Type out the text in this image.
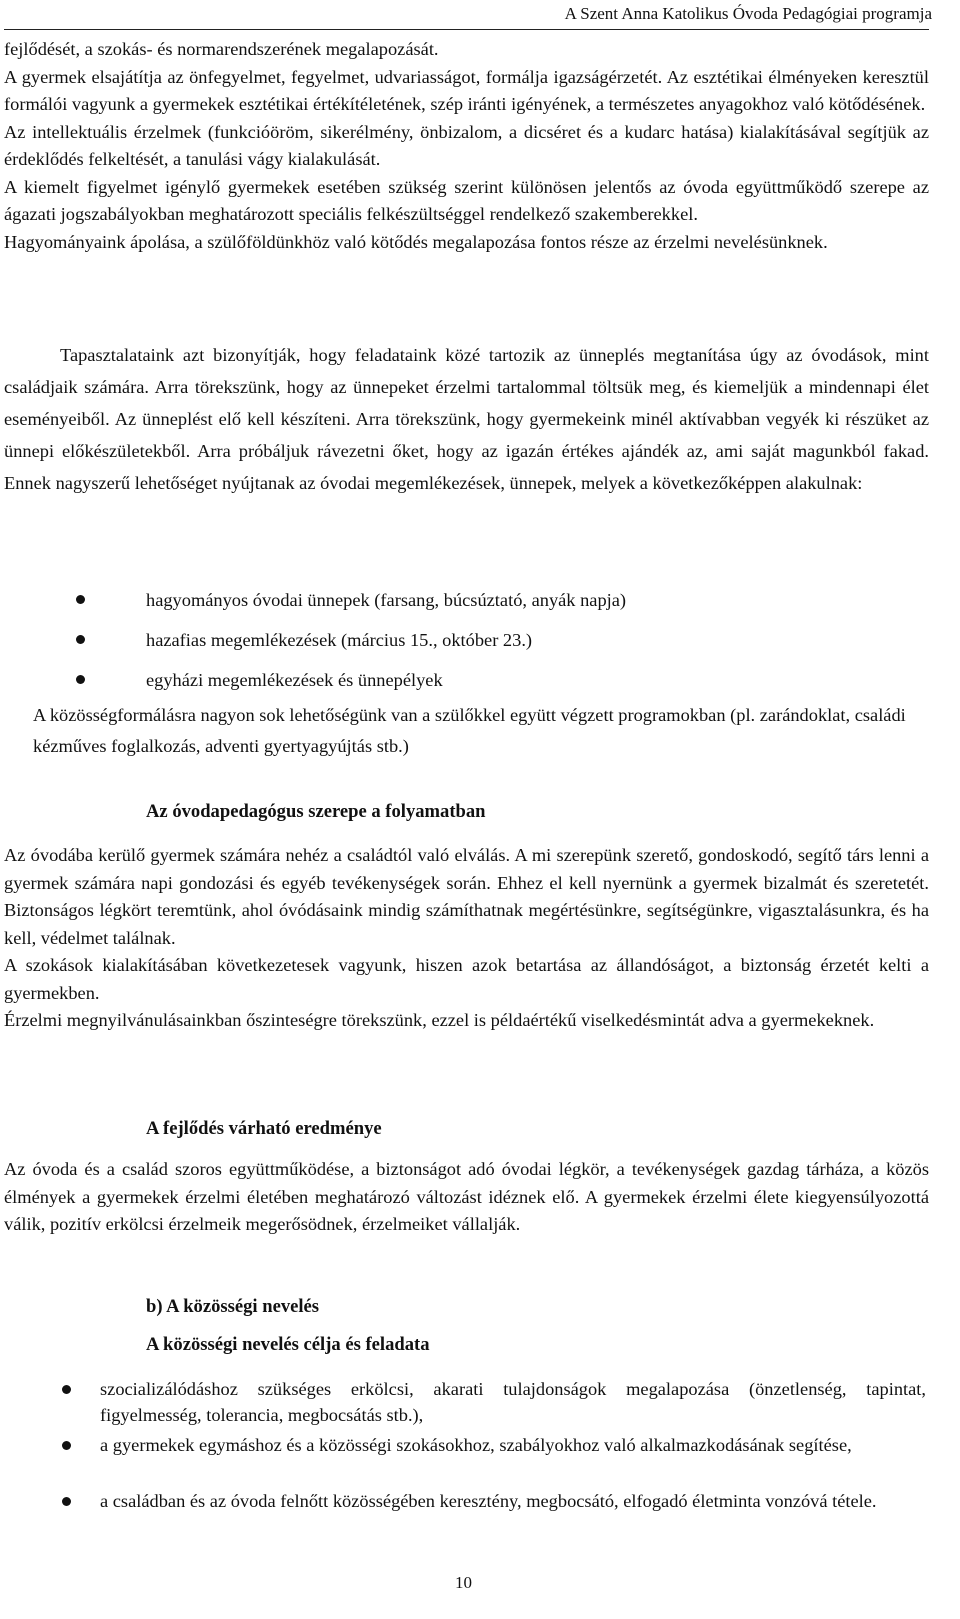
A Szent Anna Katolikus Óvoda Pedagógiai programja

fejlődését, a szokás- és normarendszerének megalapozását.

A gyermek elsajátítja az önfegyelmet, fegyelmet, udvariasságot, formálja igazságérzetét. Az esztétikai élményeken keresztül formálói vagyunk a gyermekek esztétikai értékítéletének, szép iránti igényének, a természetes anyagokhoz való kötődésének.

Az intellektuális érzelmek (funkcióöröm, sikerélmény, önbizalom, a dicséret és a kudarc hatása) kialakításával segítjük az érdeklődés felkeltését, a tanulási vágy kialakulását.

A kiemelt figyelmet igénylő gyermekek esetében szükség szerint különösen jelentős az óvoda együttműködő szerepe az ágazati jogszabályokban meghatározott speciális felkészültséggel rendelkező szakemberekkel.

Hagyományaink ápolása, a szülőföldünkhöz való kötődés megalapozása fontos része az érzelmi nevelésünknek.

Tapasztalataink azt bizonyítják, hogy feladataink közé tartozik az ünneplés megtanítása úgy az óvodások, mint családjaik számára. Arra törekszünk, hogy az ünnepeket érzelmi tartalommal töltsük meg, és kiemeljük a mindennapi élet eseményeiből. Az ünneplést elő kell készíteni. Arra törekszünk, hogy gyermekeink minél aktívabban vegyék ki részüket az ünnepi előkészületekből. Arra próbáljuk rávezetni őket, hogy az igazán értékes ajándék az, ami saját magunkból fakad. Ennek nagyszerű lehetőséget nyújtanak az óvodai megemlékezések, ünnepek, melyek a következőképpen alakulnak:

hagyományos óvodai ünnepek (farsang, búcsúztató, anyák napja)
hazafias megemlékezések (március 15., október 23.)
egyházi megemlékezések és ünnepélyek

A közösségformálásra nagyon sok lehetőségünk van a szülőkkel együtt végzett programokban (pl. zarándoklat, családi kézműves foglalkozás, adventi gyertyagyújtás stb.)

Az óvodapedagógus szerepe a folyamatban

Az óvodába kerülő gyermek számára nehéz a családtól való elválás. A mi szerepünk szerető, gondoskodó, segítő társ lenni a gyermek számára napi gondozási és egyéb tevékenységek során. Ehhez el kell nyernünk a gyermek bizalmát és szeretetét. Biztonságos légkört teremtünk, ahol óvódásaink mindig számíthatnak megértésünkre, segítségünkre, vigasztalásunkra, és ha kell, védelmet találnak.

A szokások kialakításában következetesek vagyunk, hiszen azok betartása az állandóságot, a biztonság érzetét kelti a gyermekben.

Érzelmi megnyilvánulásainkban őszinteségre törekszünk, ezzel is példaértékű viselkedésmintát adva a gyermekeknek.

A fejlődés várható eredménye

Az óvoda és a család szoros együttműködése, a biztonságot adó óvodai légkör, a tevékenységek gazdag tárháza, a közös élmények a gyermekek érzelmi életében meghatározó változást idéznek elő. A gyermekek érzelmi élete kiegyensúlyozottá válik, pozitív erkölcsi érzelmeik megerősödnek, érzelmeiket vállalják.

b) A közösségi nevelés
A közösségi nevelés célja és feladata

szocializálódáshoz szükséges erkölcsi, akarati tulajdonságok megalapozása (önzetlenség, tapintat, figyelmesség, tolerancia, megbocsátás stb.),

a gyermekek egymáshoz és a közösségi szokásokhoz, szabályokhoz való alkalmazkodásának segítése,

a családban és az óvoda felnőtt közösségében keresztény, megbocsátó, elfogadó életminta vonzóvá tétele.

10
